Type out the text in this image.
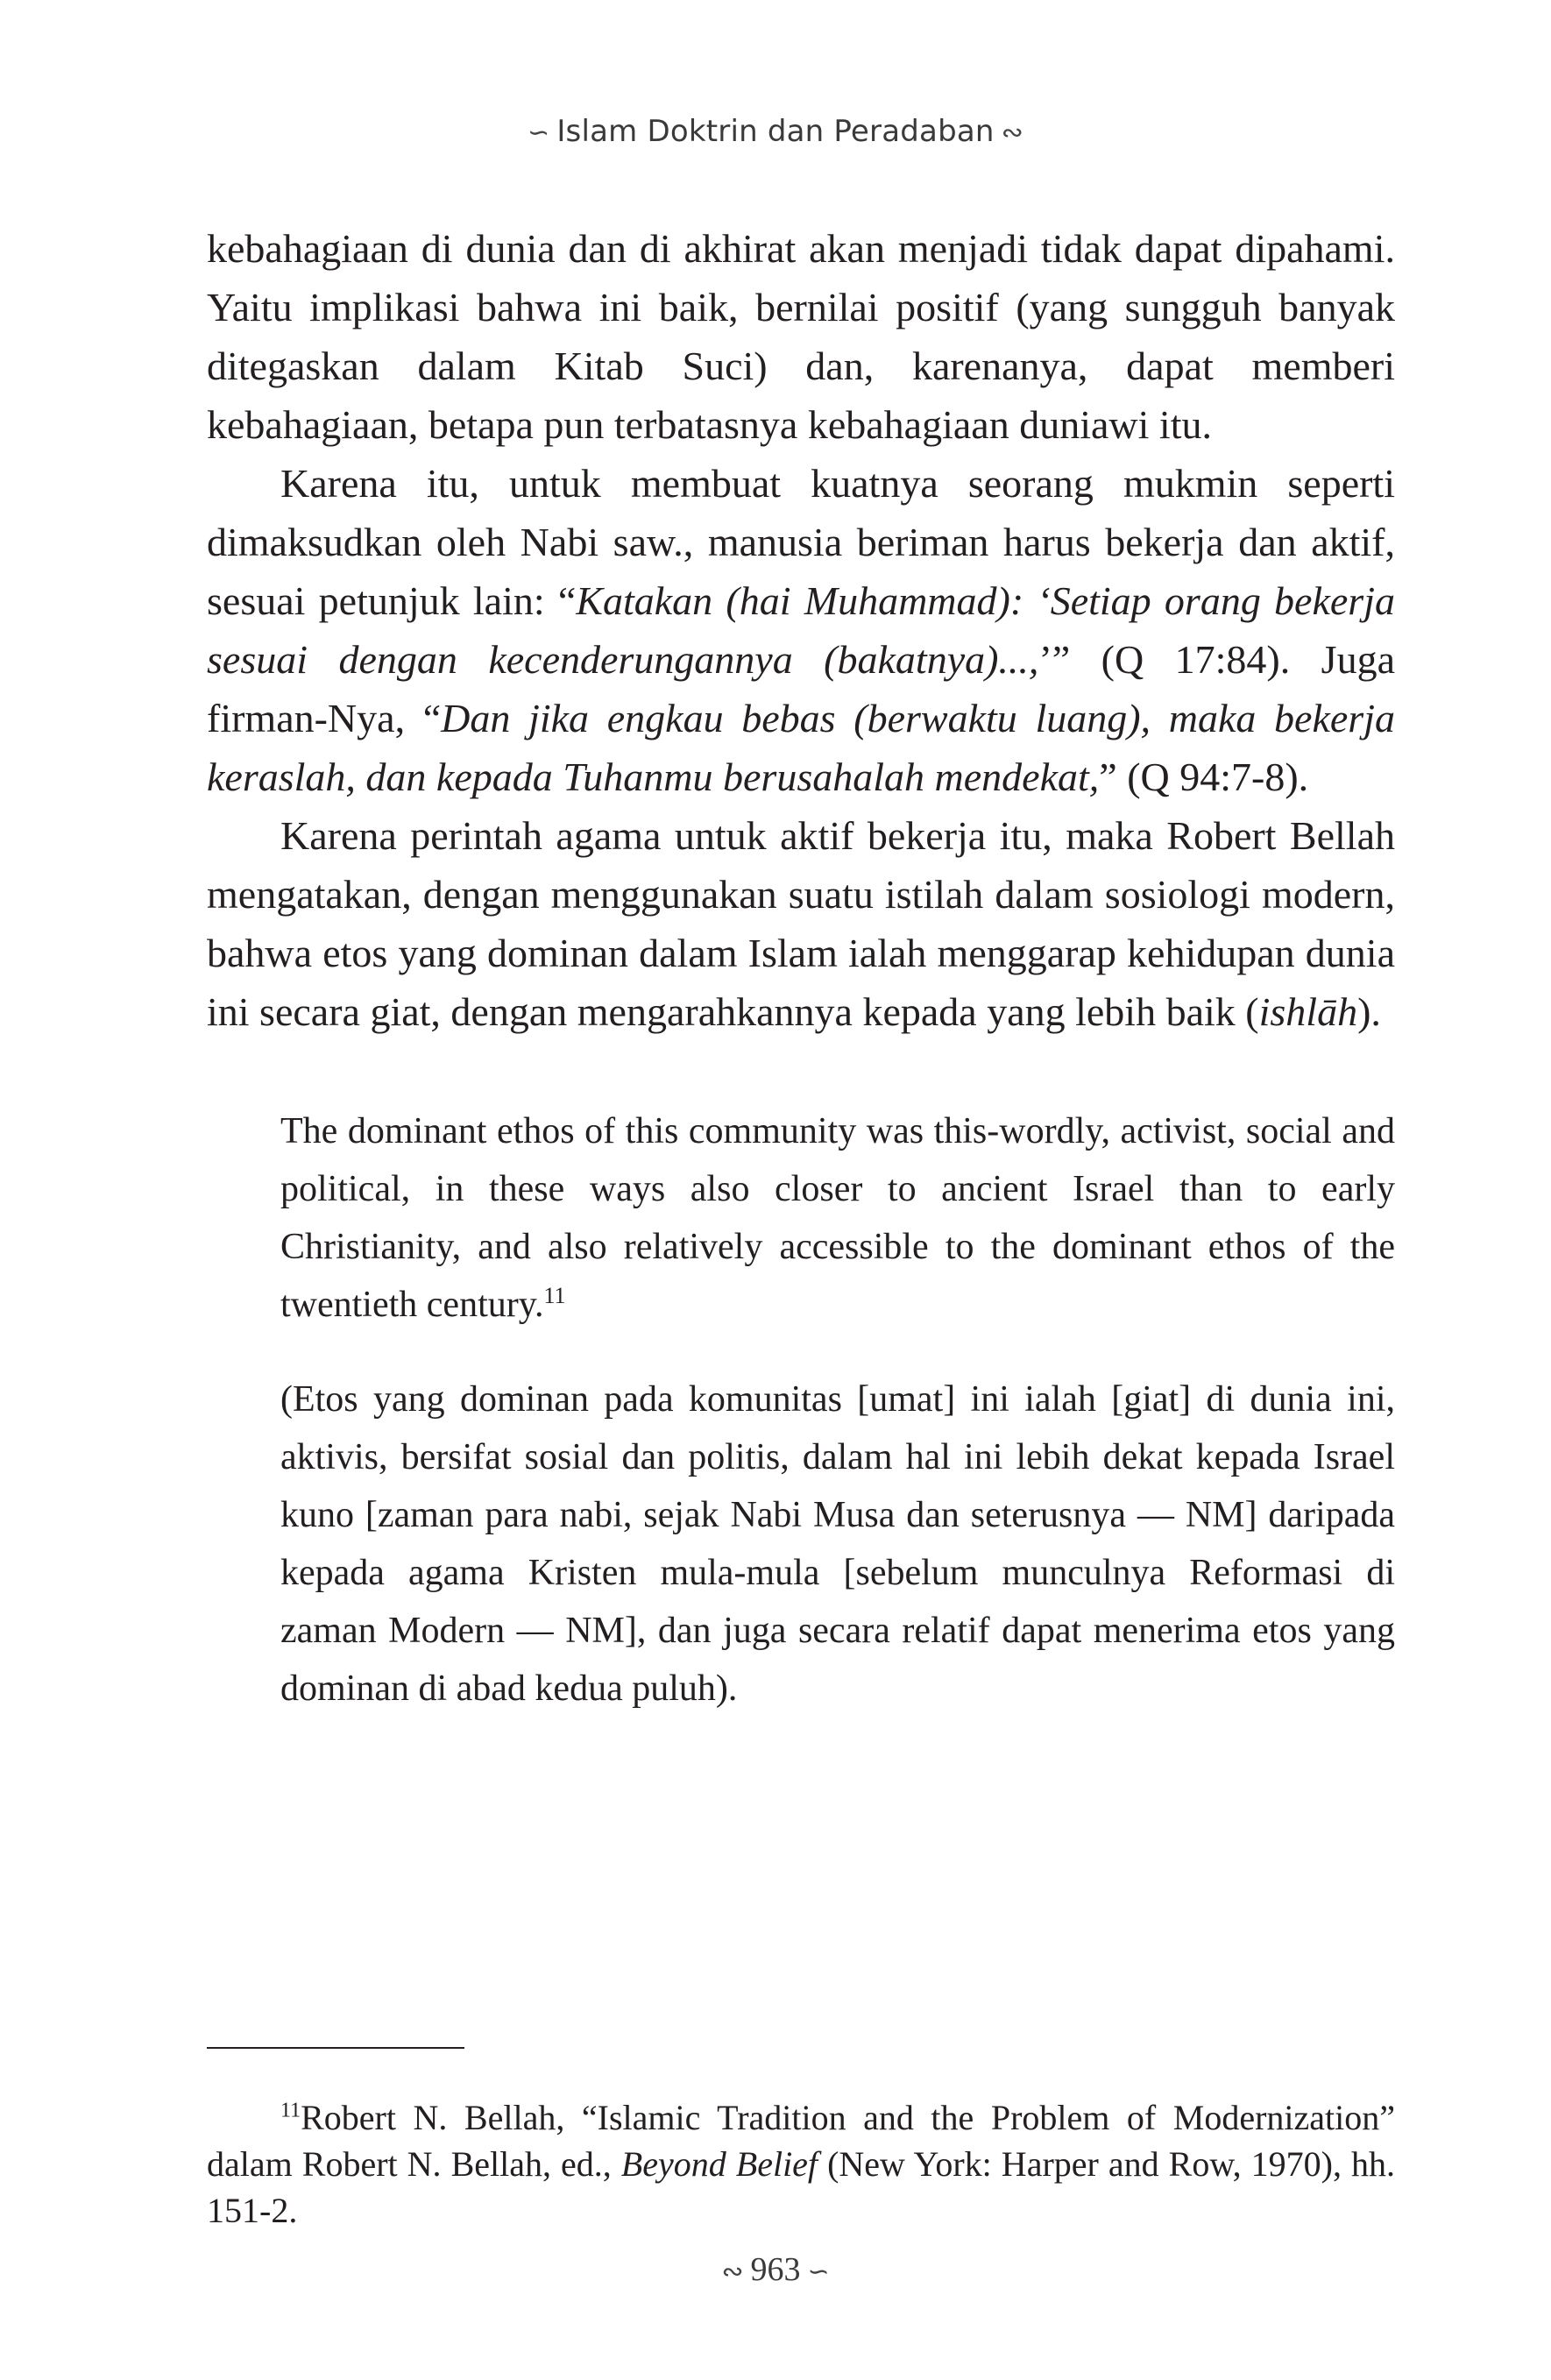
∽ Islam Doktrin dan Peradaban ∾

kebahagiaan di dunia dan di akhirat akan menjadi tidak dapat dipahami. Yaitu implikasi bahwa ini baik, bernilai positif (yang sungguh banyak ditegaskan dalam Kitab Suci) dan, karenanya, dapat memberi kebahagiaan, betapa pun terbatasnya kebahagiaan duniawi itu.

Karena itu, untuk membuat kuatnya seorang mukmin seperti dimaksudkan oleh Nabi saw., manusia beriman harus bekerja dan aktif, sesuai petunjuk lain: “Katakan (hai Muhammad): ‘Setiap orang bekerja sesuai dengan kecenderungannya (bakatnya)...,’” (Q 17:84). Juga firman-Nya, “Dan jika engkau bebas (berwaktu luang), maka bekerja keraslah, dan kepada Tuhanmu berusahalah mendekat,” (Q 94:7-8).

Karena perintah agama untuk aktif bekerja itu, maka Robert Bellah mengatakan, dengan menggunakan suatu istilah dalam sosiologi modern, bahwa etos yang dominan dalam Islam ialah menggarap kehidupan dunia ini secara giat, dengan mengarahkannya kepada yang lebih baik (ishlāh).

The dominant ethos of this community was this-wordly, activist, social and political, in these ways also closer to ancient Israel than to early Christianity, and also relatively accessible to the dominant ethos of the twentieth century.$^{11}$

(Etos yang dominan pada komunitas [umat] ini ialah [giat] di dunia ini, aktivis, bersifat sosial dan politis, dalam hal ini lebih dekat kepada Israel kuno [zaman para nabi, sejak Nabi Musa dan seterusnya — NM] daripada kepada agama Kristen mula-mula [sebelum munculnya Reformasi di zaman Modern — NM], dan juga secara relatif dapat menerima etos yang dominan di abad kedua puluh).

$^{11}$Robert N. Bellah, “Islamic Tradition and the Problem of Modernization” dalam Robert N. Bellah, ed., Beyond Belief (New York: Harper and Row, 1970), hh. 151-2.

∾ 963 ∽
